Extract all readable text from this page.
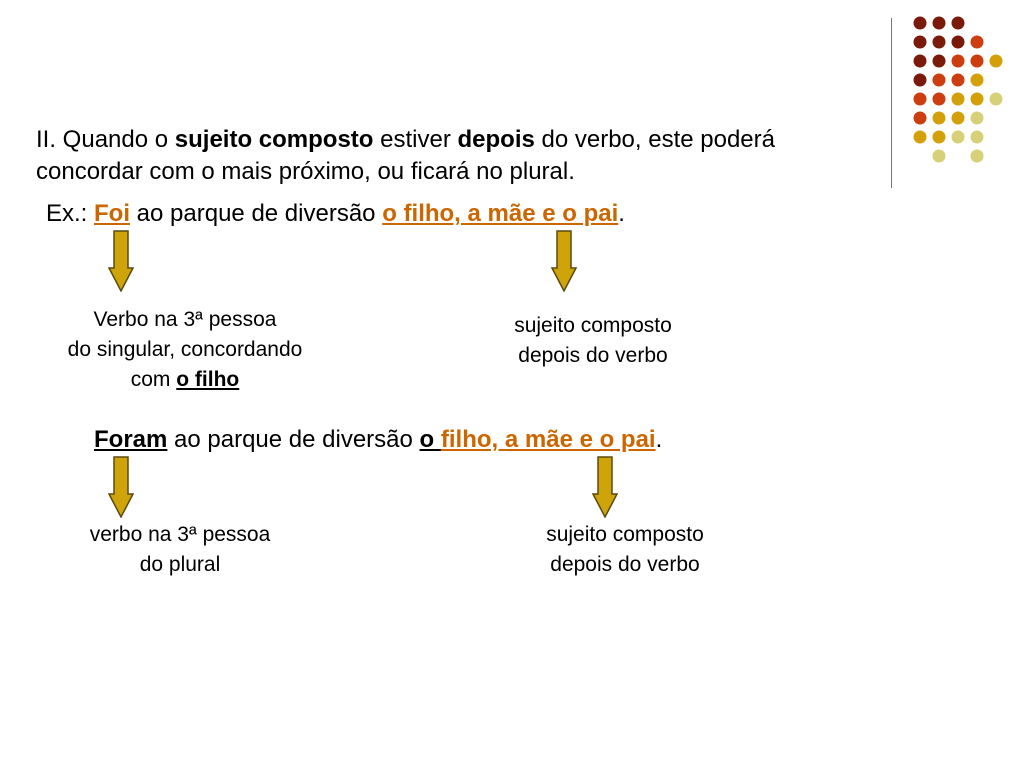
II. Quando o sujeito composto estiver depois do verbo, este poderá
concordar com o mais próximo, ou ficará no plural.
Ex.: Foi ao parque de diversão o filho, a mãe e o pai.
Verbo na 3ª pessoa
do singular, concordando
com o filho
sujeito composto
depois do verbo
Foram ao parque de diversão o filho, a mãe e o pai.
verbo na 3ª pessoa
do plural
sujeito composto
depois do verbo
